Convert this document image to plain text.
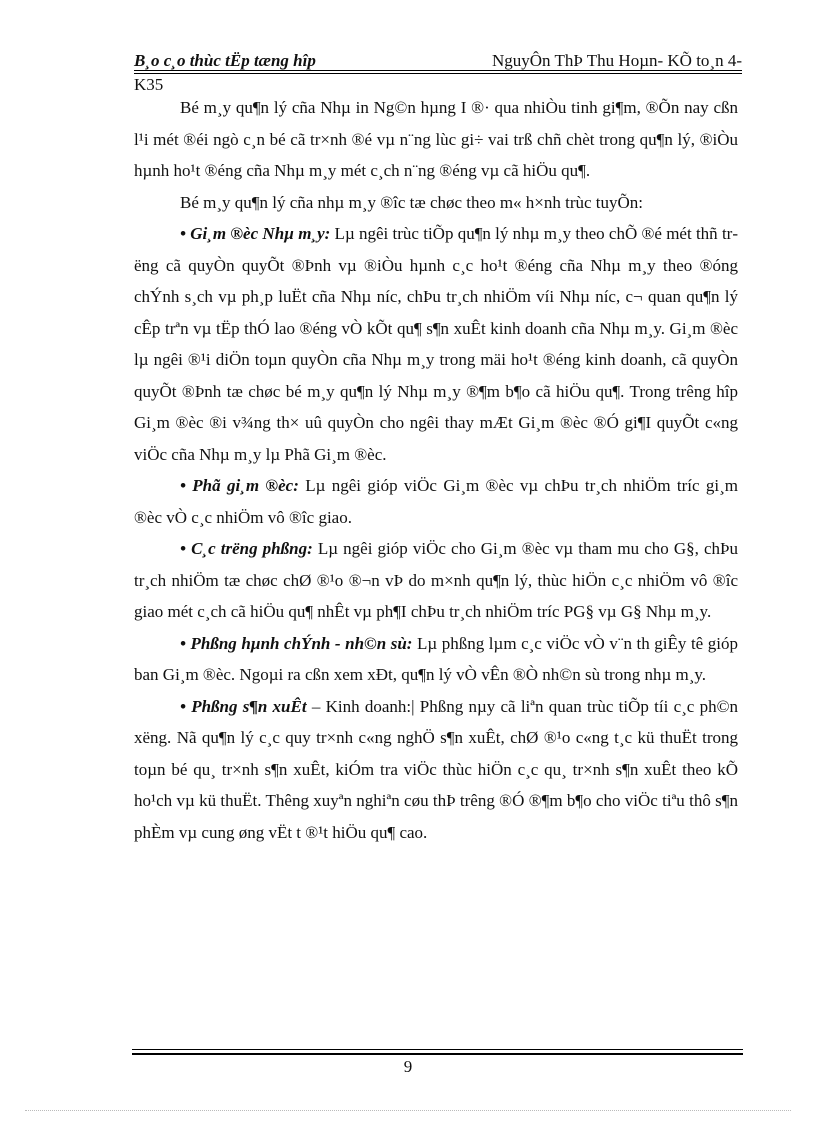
B¸o c¸o thùc tËp tæng hîp	NguyÔn ThÞ Thu Hoµn- KÕ to¸n 4-
K35

Bé m¸y qu¶n lý cña Nhµ in Ng©n hµng I ®· qua nhiÒu tinh gi¶m, ®Õn nay cßn l¹i mét ®éi ngò c¸n bé cã tr×nh ®é vµ n¨ng lùc gi÷ vai trß chñ chèt trong qu¶n lý, ®iÒu hµnh ho¹t ®éng cña Nhµ m¸y mét c¸ch n¨ng ®éng vµ cã hiÖu qu¶.

Bé m¸y qu¶n lý cña nhµ m¸y ®îc tæ chøc theo m« h×nh trùc tuyÕn:

• Gi¸m ®èc Nhµ m¸y: Lµ ngêi trùc tiÕp qu¶n lý nhµ m¸y theo chÕ ®é mét thñ trëng cã quyÒn quyÕt ®Þnh vµ ®iÒu hµnh c¸c ho¹t ®éng cña Nhµ m¸y theo ®óng chÝnh s¸ch vµ ph¸p luËt cña Nhµ níc, chÞu tr¸ch nhiÖm víi Nhµ níc, c¬ quan qu¶n lý cÊp trªn vµ tËp thÓ lao ®éng vÒ kÕt qu¶ s¶n xuÊt kinh doanh cña Nhµ m¸y. Gi¸m ®èc lµ ngêi ®¹i diÖn toµn quyÒn cña Nhµ m¸y trong mäi ho¹t ®éng kinh doanh, cã quyÒn quyÕt ®Þnh tæ chøc bé m¸y qu¶n lý Nhµ m¸y ®¶m b¶o cã hiÖu qu¶. Trong trêng hîp Gi¸m ®èc ®i v¾ng th× uû quyÒn cho ngêi thay mÆt Gi¸m ®èc ®Ó gi¶I quyÕt c«ng viÖc cña Nhµ m¸y lµ Phã Gi¸m ®èc.

• Phã gi¸m ®èc: Lµ ngêi gióp viÖc Gi¸m ®èc vµ chÞu tr¸ch nhiÖm tríc gi¸m ®èc vÒ c¸c nhiÖm vô ®îc giao.

• C¸c trëng phßng: Lµ ngêi gióp viÖc cho Gi¸m ®èc vµ tham mu cho G§, chÞu tr¸ch nhiÖm tæ chøc chØ ®¹o ®¬n vÞ do m×nh qu¶n lý, thùc hiÖn c¸c nhiÖm vô ®îc giao mét c¸ch cã hiÖu qu¶ nhÊt vµ ph¶I chÞu tr¸ch nhiÖm tríc PG§ vµ G§ Nhµ m¸y.

• Phßng hµnh chÝnh - nh©n sù: Lµ phßng lµm c¸c viÖc vÒ v¨n th giÊy tê gióp ban Gi¸m ®èc. Ngoµi ra cßn xem xÐt, qu¶n lý vÒ vÊn ®Ò nh©n sù trong nhµ m¸y.

• Phßng s¶n xuÊt – Kinh doanh:| Phßng nµy cã liªn quan trùc tiÕp tíi c¸c ph©n xëng. Nã qu¶n lý c¸c quy tr×nh c«ng nghÖ s¶n xuÊt, chØ ®¹o c«ng t¸c kü thuËt trong toµn bé qu¸ tr×nh s¶n xuÊt, kiÓm tra viÖc thùc hiÖn c¸c qu¸ tr×nh s¶n xuÊt theo kÕ ho¹ch vµ kü thuËt. Thêng xuyªn nghiªn cøu thÞ trêng ®Ó ®¶m b¶o cho viÖc tiªu thô s¶n phÈm vµ cung øng vËt t ®¹t hiÖu qu¶ cao.

9
